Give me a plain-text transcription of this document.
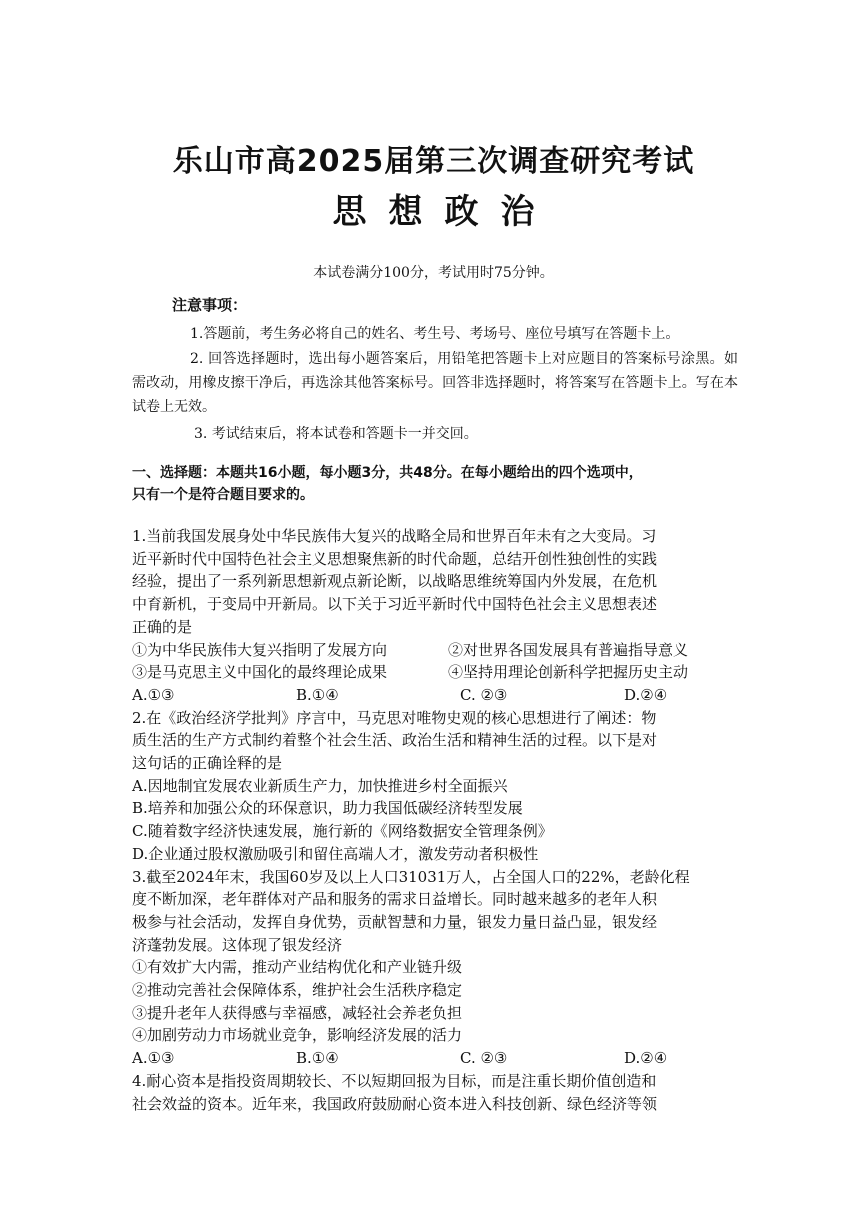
乐山市高2025届第三次调查研究考试
思想政治
本试卷满分100分，考试用时75分钟。
注意事项：

1.答题前，考生务必将自己的姓名、考生号、考场号、座位号填写在答题卡上。

2. 回答选择题时，选出每小题答案后，用铅笔把答题卡上对应题目的答案标号涂黑。如需改动，用橡皮擦干净后，再选涂其他答案标号。回答非选择题时，将答案写在答题卡上。写在本试卷上无效。

3. 考试结束后，将本试卷和答题卡一并交回。

一、选择题：本题共16小题，每小题3分，共48分。在每小题给出的四个选项中，
只有一个是符合题目要求的。
1.当前我国发展身处中华民族伟大复兴的战略全局和世界百年未有之大变局。习
近平新时代中国特色社会主义思想聚焦新的时代命题，总结开创性独创性的实践
经验，提出了一系列新思想新观点新论断，以战略思维统筹国内外发展，在危机
中育新机，于变局中开新局。以下关于习近平新时代中国特色社会主义思想表述
正确的是
①为中华民族伟大复兴指明了发展方向	②对世界各国发展具有普遍指导意义
③是马克思主义中国化的最终理论成果	④坚持用理论创新科学把握历史主动
A.①③	B.①④	C. ②③	D.②④
2.在《政治经济学批判》序言中，马克思对唯物史观的核心思想进行了阐述：物
质生活的生产方式制约着整个社会生活、政治生活和精神生活的过程。以下是对
这句话的正确诠释的是
A.因地制宜发展农业新质生产力，加快推进乡村全面振兴
B.培养和加强公众的环保意识，助力我国低碳经济转型发展
C.随着数字经济快速发展，施行新的《网络数据安全管理条例》
D.企业通过股权激励吸引和留住高端人才，激发劳动者积极性
3.截至2024年末，我国60岁及以上人口31031万人，占全国人口的22%，老龄化程
度不断加深，老年群体对产品和服务的需求日益增长。同时越来越多的老年人积
极参与社会活动，发挥自身优势，贡献智慧和力量，银发力量日益凸显，银发经
济蓬勃发展。这体现了银发经济
①有效扩大内需，推动产业结构优化和产业链升级
②推动完善社会保障体系，维护社会生活秩序稳定
③提升老年人获得感与幸福感，减轻社会养老负担
④加剧劳动力市场就业竞争，影响经济发展的活力
A.①③	B.①④	C. ②③	D.②④
4.耐心资本是指投资周期较长、不以短期回报为目标，而是注重长期价值创造和
社会效益的资本。近年来，我国政府鼓励耐心资本进入科技创新、绿色经济等领
